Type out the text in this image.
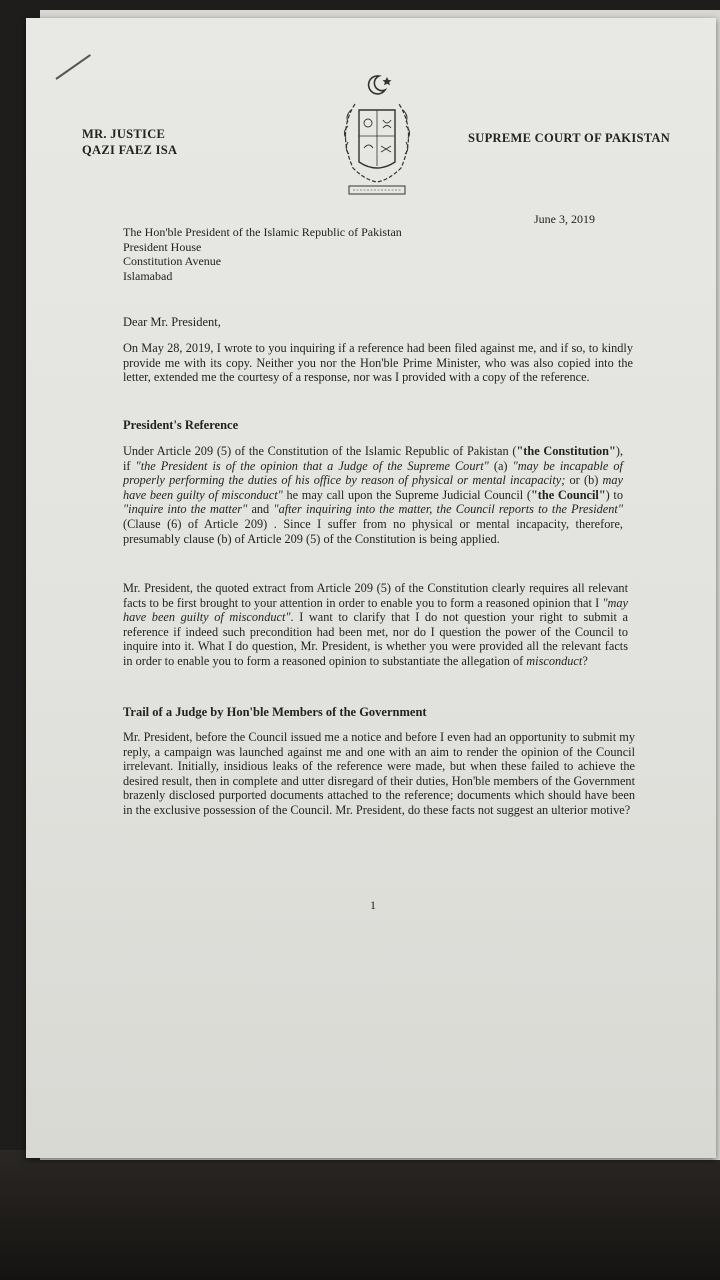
MR. JUSTICE
QAZI FAEZ ISA
SUPREME COURT OF PAKISTAN
June 3, 2019
The Hon'ble President of the Islamic Republic of Pakistan
President House
Constitution Avenue
Islamabad
Dear Mr. President,

On May 28, 2019, I wrote to you inquiring if a reference had been filed against me, and if so, to kindly provide me with its copy. Neither you nor the Hon'ble Prime Minister, who was also copied into the letter, extended me the courtesy of a response, nor was I provided with a copy of the reference.

President's Reference

Under Article 209 (5) of the Constitution of the Islamic Republic of Pakistan ("the Constitution"), if "the President is of the opinion that a Judge of the Supreme Court" (a) "may be incapable of properly performing the duties of his office by reason of physical or mental incapacity; or (b) may have been guilty of misconduct" he may call upon the Supreme Judicial Council ("the Council") to "inquire into the matter" and "after inquiring into the matter, the Council reports to the President" (Clause (6) of Article 209) . Since I suffer from no physical or mental incapacity, therefore, presumably clause (b) of Article 209 (5) of the Constitution is being applied.

Mr. President, the quoted extract from Article 209 (5) of the Constitution clearly requires all relevant facts to be first brought to your attention in order to enable you to form a reasoned opinion that I "may have been guilty of misconduct". I want to clarify that I do not question your right to submit a reference if indeed such precondition had been met, nor do I question the power of the Council to inquire into it. What I do question, Mr. President, is whether you were provided all the relevant facts in order to enable you to form a reasoned opinion to substantiate the allegation of misconduct?

Trail of a Judge by Hon'ble Members of the Government

Mr. President, before the Council issued me a notice and before I even had an opportunity to submit my reply, a campaign was launched against me and one with an aim to render the opinion of the Council irrelevant. Initially, insidious leaks of the reference were made, but when these failed to achieve the desired result, then in complete and utter disregard of their duties, Hon'ble members of the Government brazenly disclosed purported documents attached to the reference; documents which should have been in the exclusive possession of the Council. Mr. President, do these facts not suggest an ulterior motive?

1
